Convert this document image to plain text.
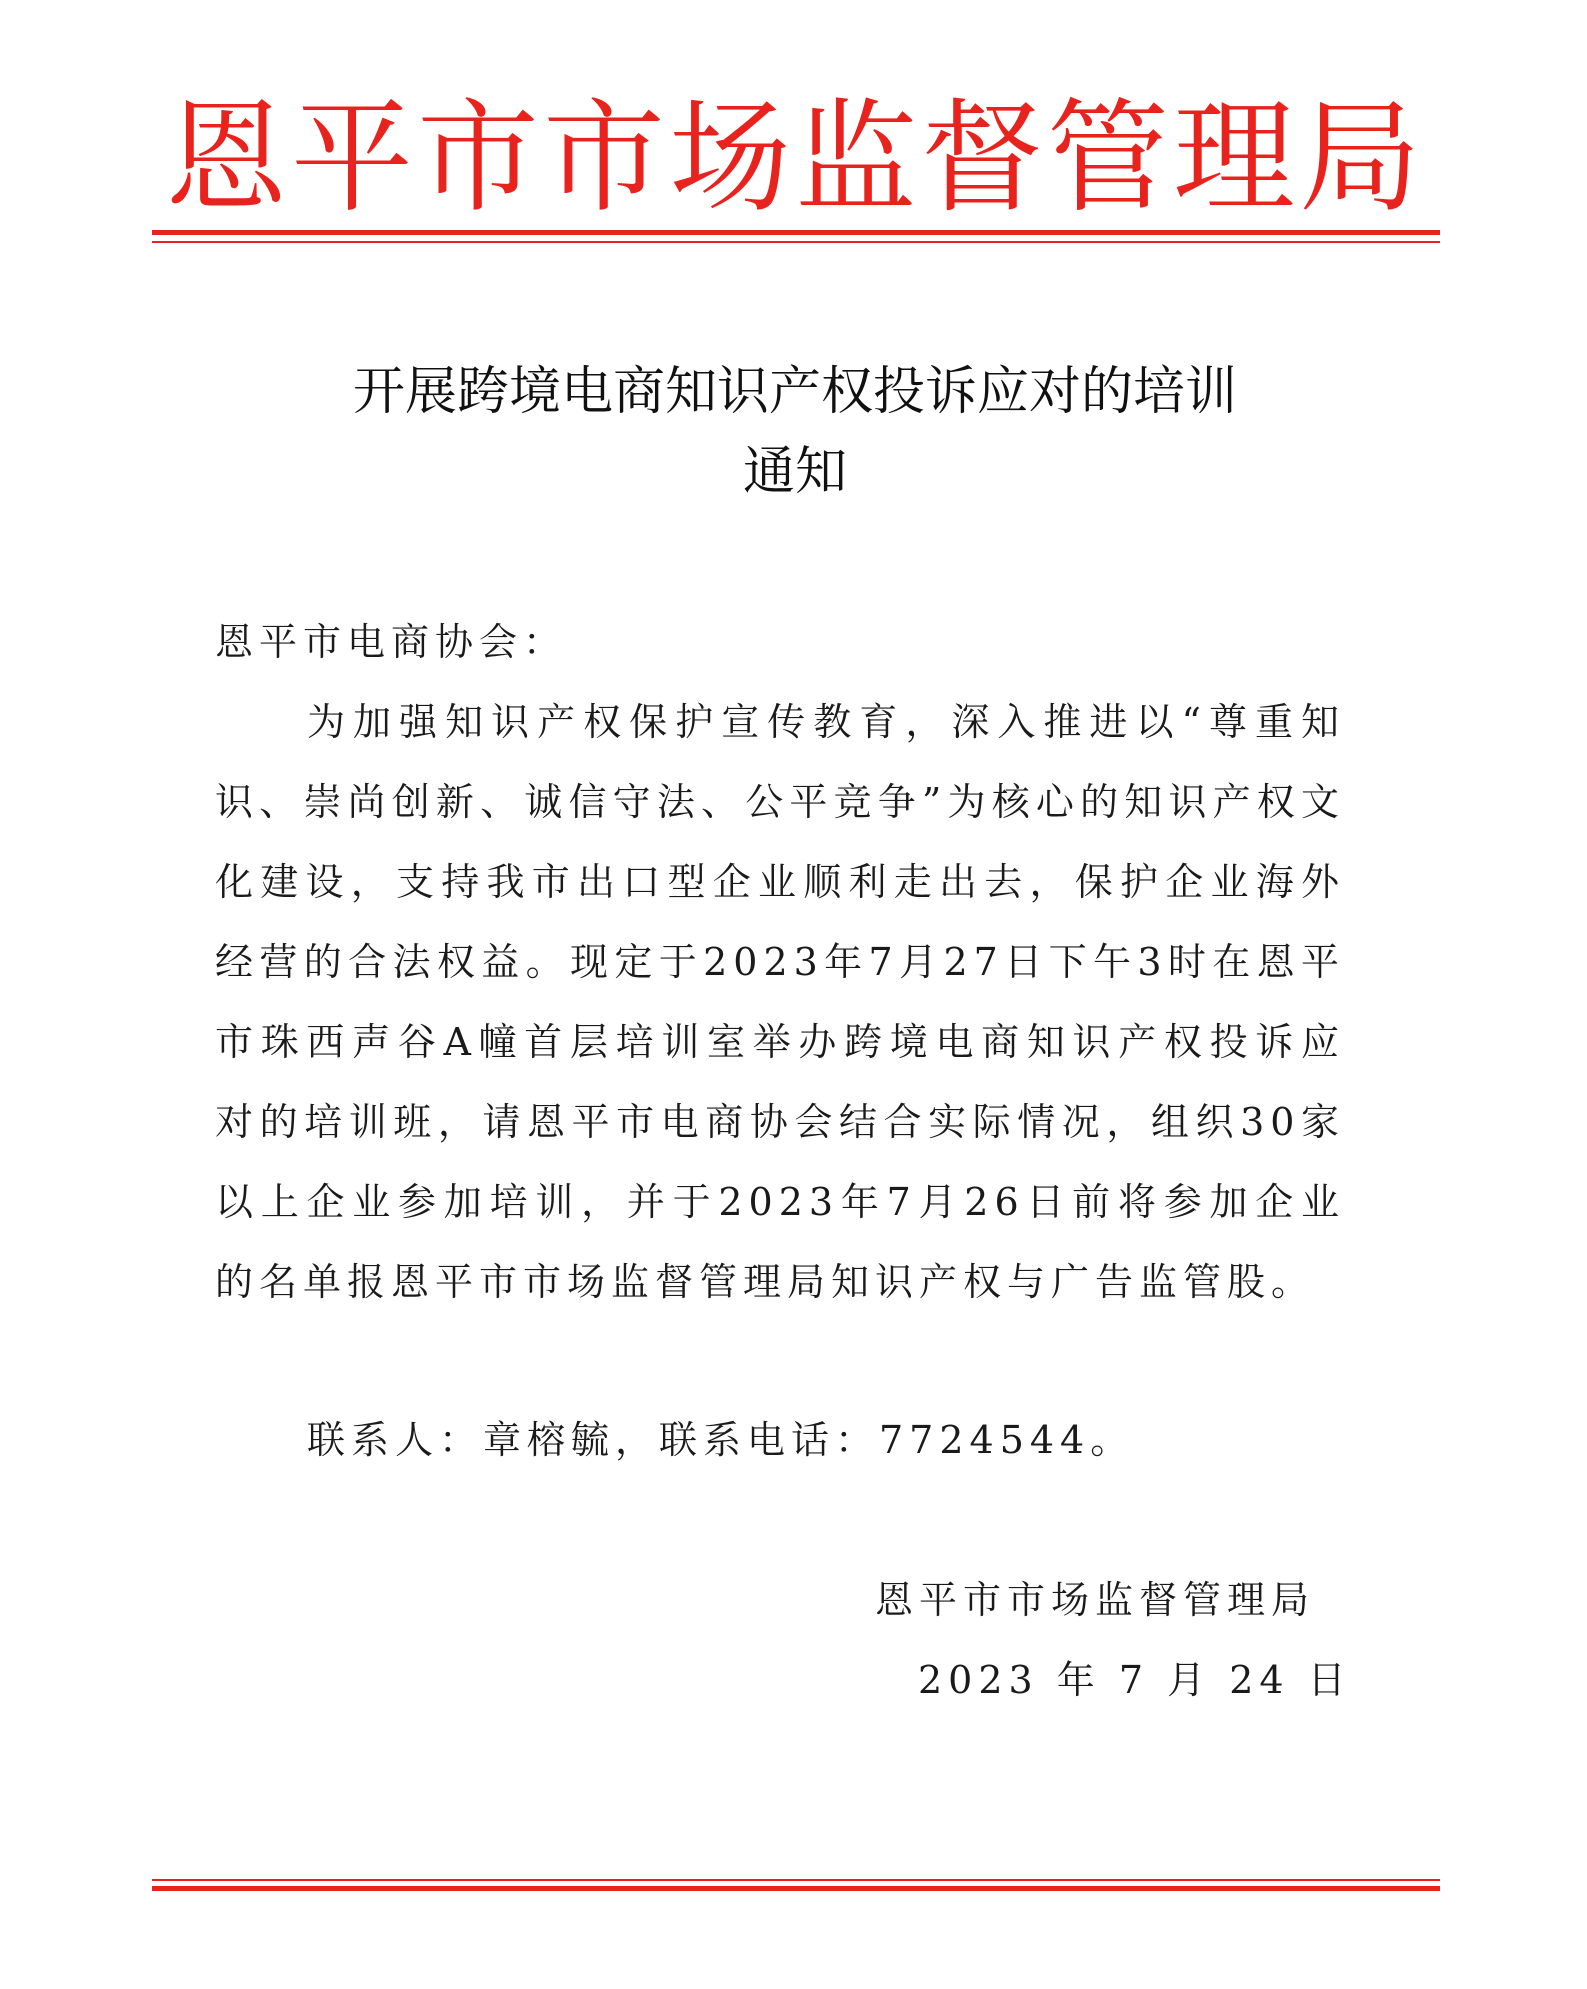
恩平市市场监督管理局
开展跨境电商知识产权投诉应对的培训
通知
恩平市电商协会：
为加强知识产权保护宣传教育，深入推进以“尊重知识、崇尚创新、诚信守法、公平竞争”为核心的知识产权文化建设，支持我市出口型企业顺利走出去，保护企业海外经营的合法权益。现定于2023年7月27日下午3时在恩平市珠西声谷A幢首层培训室举办跨境电商知识产权投诉应对的培训班，请恩平市电商协会结合实际情况，组织30家以上企业参加培训，并于2023年7月26日前将参加企业的名单报恩平市市场监督管理局知识产权与广告监管股。
联系人：章榕毓，联系电话：7724544。
恩平市市场监督管理局
2023 年 7 月 24 日
